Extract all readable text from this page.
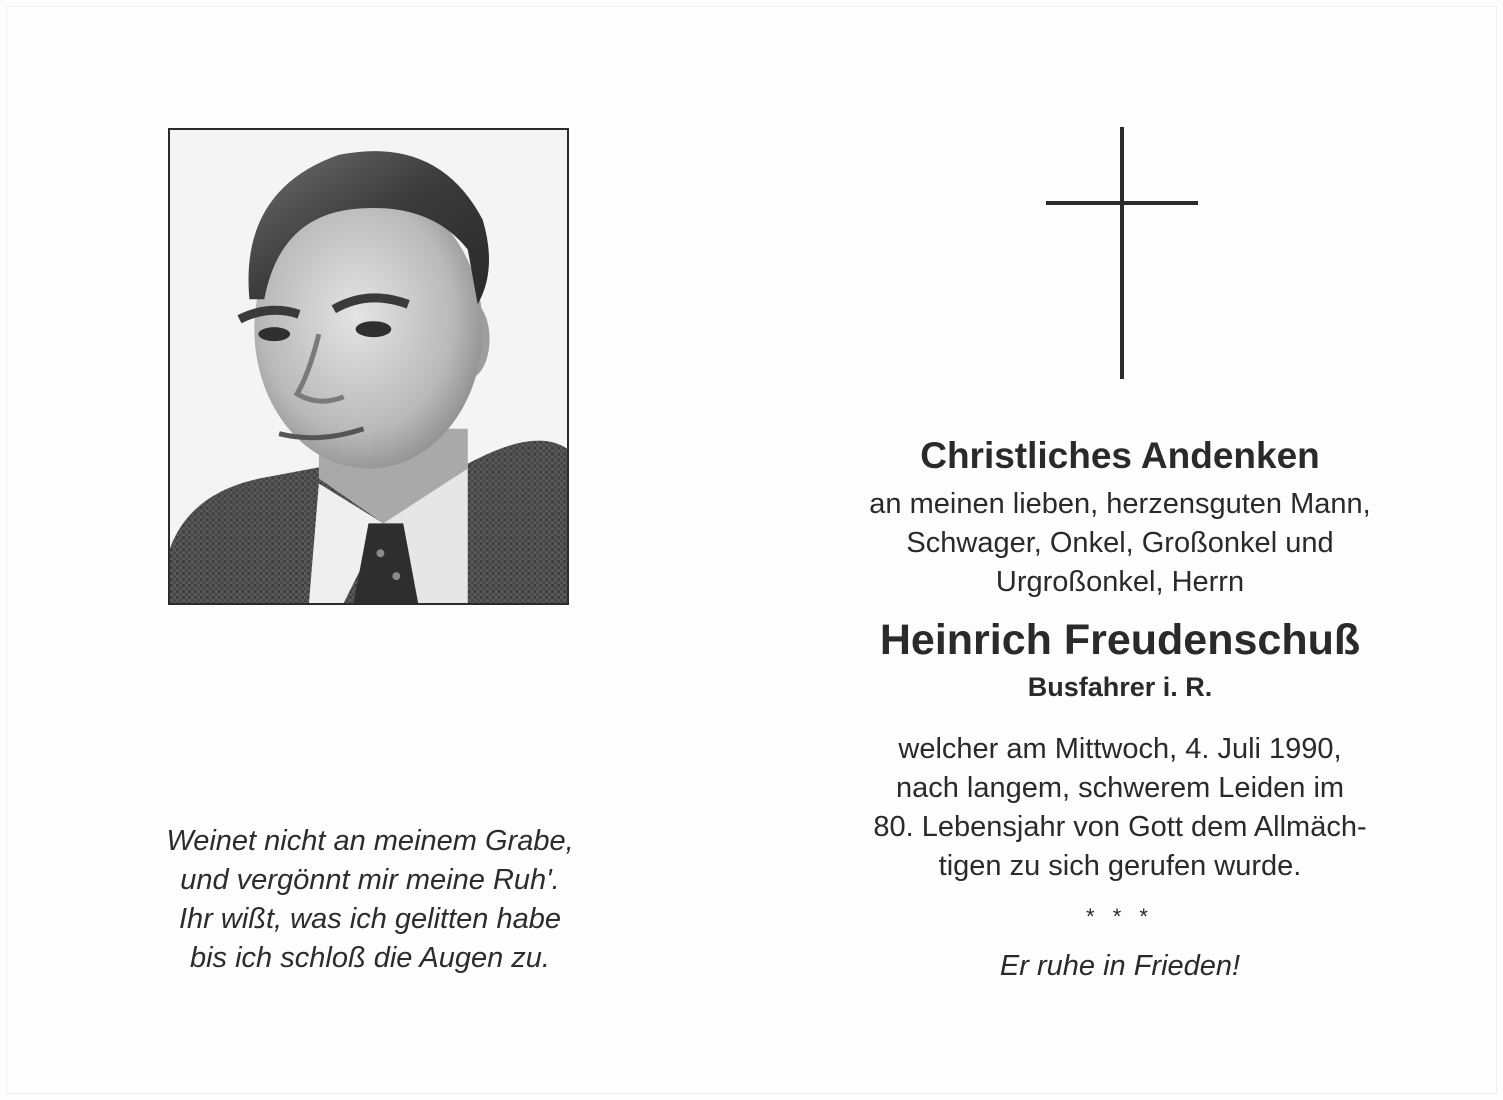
Weinet nicht an meinem Grabe,
und vergönnt mir meine Ruh'.
Ihr wißt, was ich gelitten habe
bis ich schloß die Augen zu.
Christliches Andenken
an meinen lieben, herzensguten Mann,
Schwager, Onkel, Großonkel und
Urgroßonkel, Herrn
Heinrich Freudenschuß
Busfahrer i. R.
welcher am Mittwoch, 4. Juli 1990,
nach langem, schwerem Leiden im
80. Lebensjahr von Gott dem Allmäch-
tigen zu sich gerufen wurde.
* * *
Er ruhe in Frieden!
